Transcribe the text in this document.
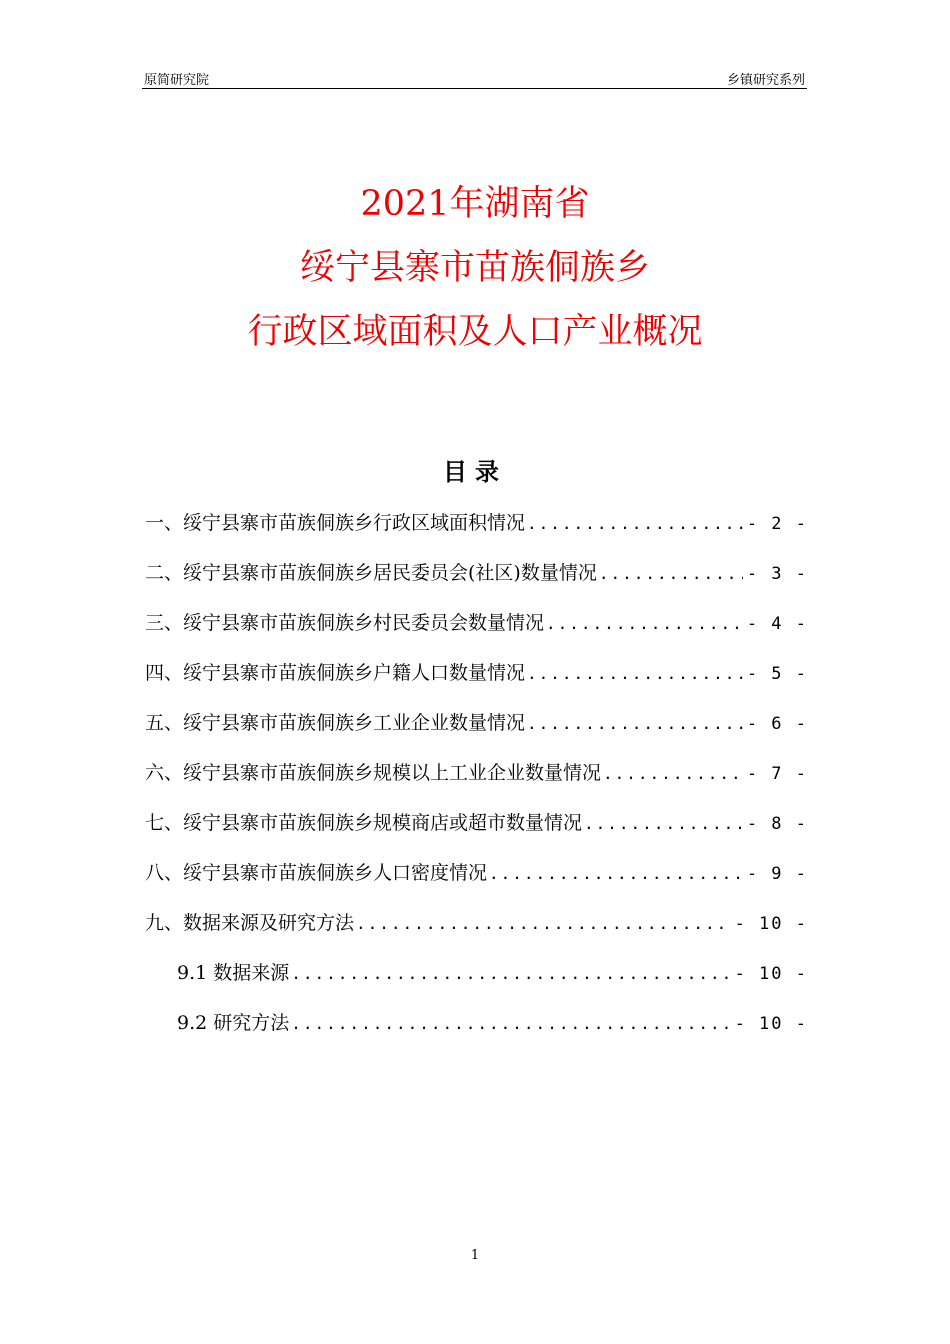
原简研究院	乡镇研究系列
2021年湖南省
绥宁县寨市苗族侗族乡
行政区域面积及人口产业概况
目录
一、绥宁县寨市苗族侗族乡行政区域面积情况 .....	- 2 -
二、绥宁县寨市苗族侗族乡居民委员会(社区)数量情况 .....	- 3 -
三、绥宁县寨市苗族侗族乡村民委员会数量情况 .....	- 4 -
四、绥宁县寨市苗族侗族乡户籍人口数量情况 .....	- 5 -
五、绥宁县寨市苗族侗族乡工业企业数量情况 .....	- 6 -
六、绥宁县寨市苗族侗族乡规模以上工业企业数量情况 .....	- 7 -
七、绥宁县寨市苗族侗族乡规模商店或超市数量情况 .....	- 8 -
八、绥宁县寨市苗族侗族乡人口密度情况 .....	- 9 -
九、数据来源及研究方法 .....	- 10 -
9.1 数据来源 .....	- 10 -
9.2 研究方法 .....	- 10 -
1
